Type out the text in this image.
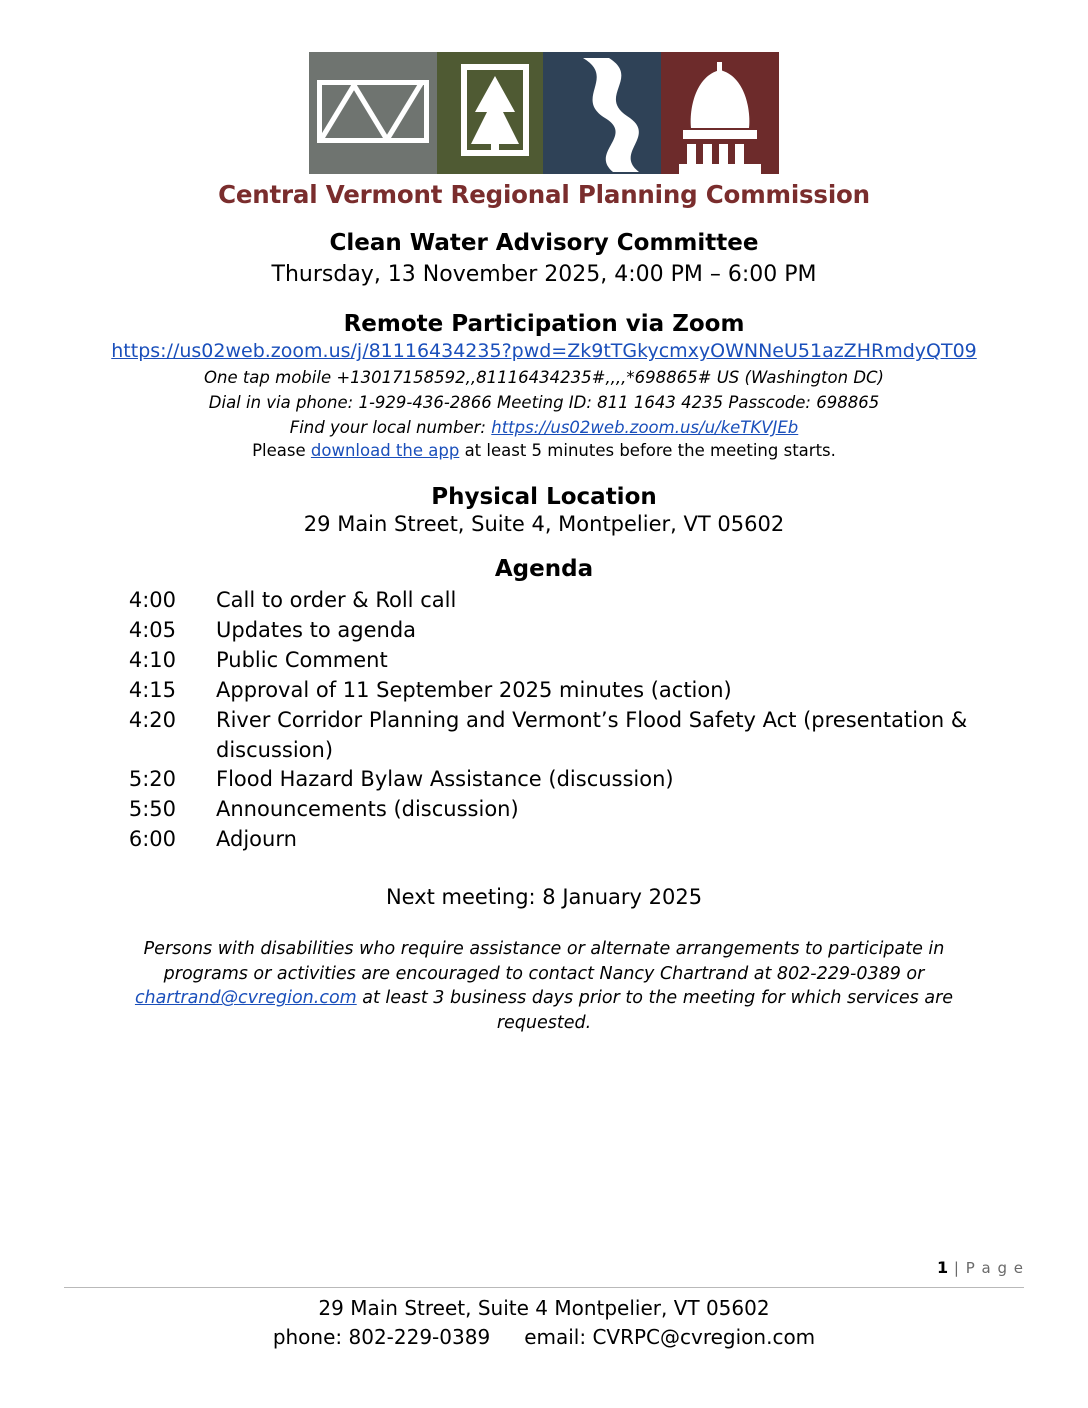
Central Vermont Regional Planning Commission
Clean Water Advisory Committee
Thursday, 13 November 2025, 4:00 PM – 6:00 PM
Remote Participation via Zoom
https://us02web.zoom.us/j/81116434235?pwd=Zk9tTGkycmxyOWNNeU51azZHRmdyQT09
One tap mobile +13017158592,,81116434235#,,,,*698865# US (Washington DC)
Dial in via phone: 1-929-436-2866 Meeting ID: 811 1643 4235 Passcode: 698865
Find your local number: https://us02web.zoom.us/u/keTKVJEb
Please download the app at least 5 minutes before the meeting starts.
Physical Location
29 Main Street, Suite 4, Montpelier, VT 05602
Agenda
4:00 Call to order & Roll call
4:05 Updates to agenda
4:10 Public Comment
4:15 Approval of 11 September 2025 minutes (action)
4:20 River Corridor Planning and Vermont’s Flood Safety Act (presentation & discussion)
5:20 Flood Hazard Bylaw Assistance (discussion)
5:50 Announcements (discussion)
6:00 Adjourn
Next meeting: 8 January 2025
Persons with disabilities who require assistance or alternate arrangements to participate in programs or activities are encouraged to contact Nancy Chartrand at 802-229-0389 or chartrand@cvregion.com at least 3 business days prior to the meeting for which services are requested.
1 | P a g e
29 Main Street, Suite 4 Montpelier, VT 05602
phone: 802-229-0389 email: CVRPC@cvregion.com
